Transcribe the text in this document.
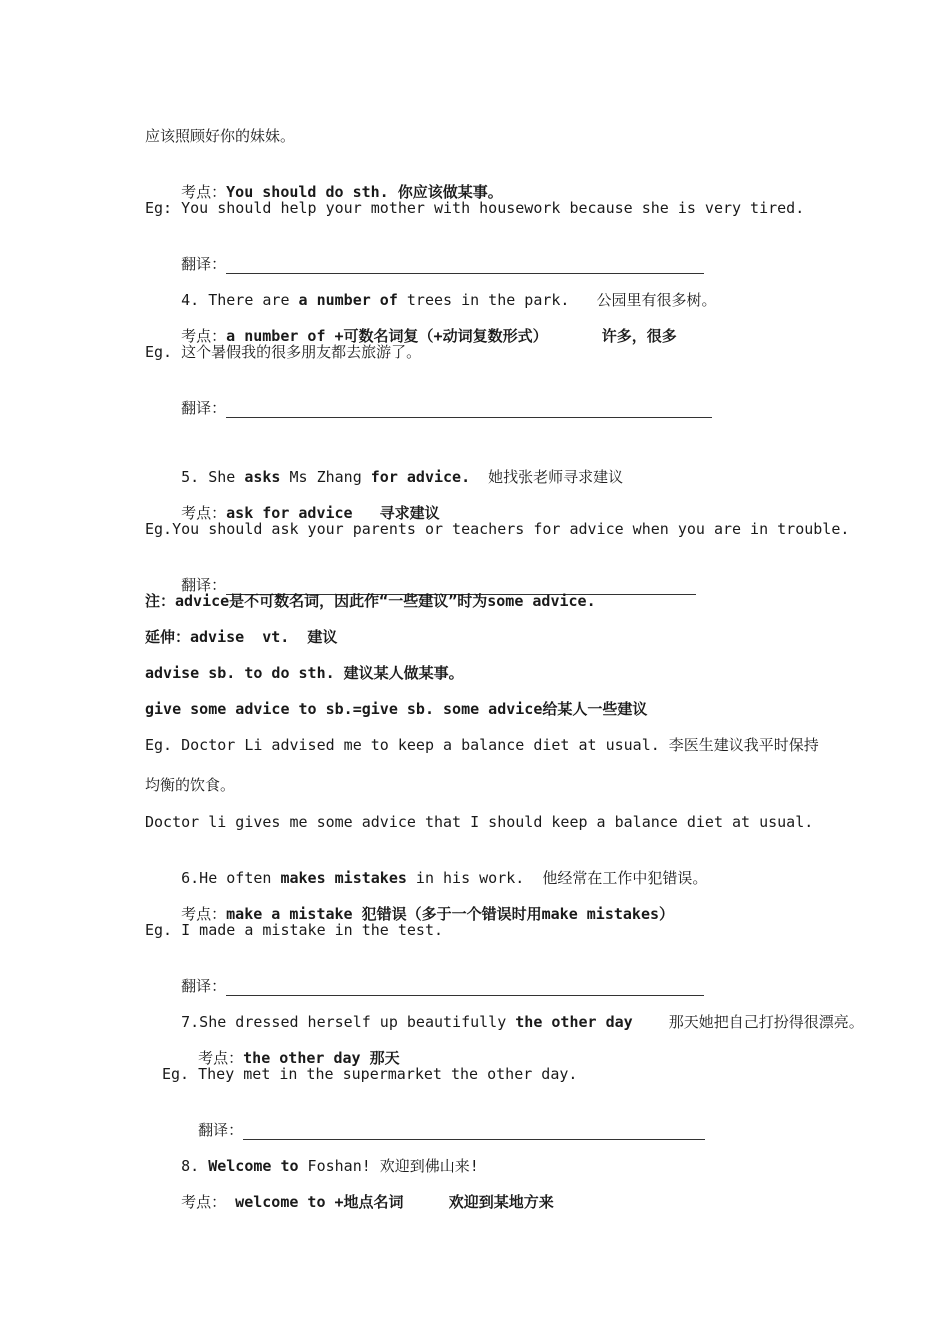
应该照顾好你的妹妹。

考点：You should do sth. 你应该做某事。

Eg: You should help your mother with housework because she is very tired.

翻译：

4. There are a number of trees in the park.   公园里有很多树。

考点：a number of +可数名词复（+动词复数形式）      许多，很多

Eg. 这个暑假我的很多朋友都去旅游了。

翻译：

5. She asks Ms Zhang for advice.  她找张老师寻求建议

考点：ask for advice   寻求建议

Eg.You should ask your parents or teachers for advice when you are in trouble.

翻译：

注：advice是不可数名词，因此作“一些建议”时为some advice.
延伸：advise  vt.  建议
advise sb. to do sth. 建议某人做某事。
give some advice to sb.=give sb. some advice给某人一些建议
Eg. Doctor Li advised me to keep a balance diet at usual. 李医生建议我平时保持
均衡的饮食。
Doctor li gives me some advice that I should keep a balance diet at usual.

6.He often makes mistakes in his work.  他经常在工作中犯错误。

考点：make a mistake 犯错误（多于一个错误时用make mistakes）

Eg. I made a mistake in the test.

翻译：

7.She dressed herself up beautifully the other day    那天她把自己打扮得很漂亮。

考点：the other day 那天

Eg. They met in the supermarket the other day.

翻译：

8. Welcome to Foshan! 欢迎到佛山来!

考点： welcome to +地点名词     欢迎到某地方来
